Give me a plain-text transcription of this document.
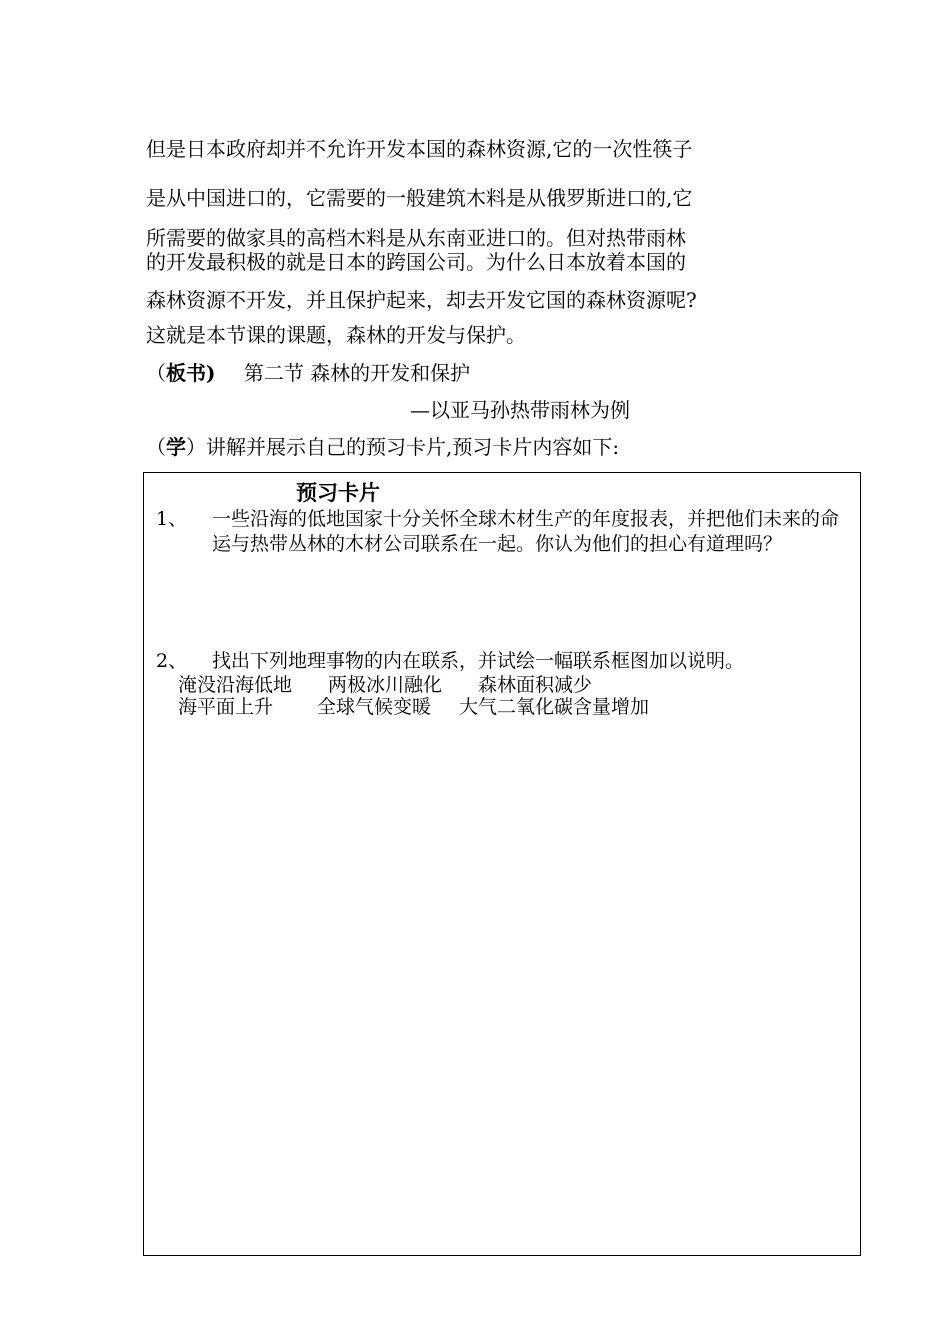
但是日本政府却并不允许开发本国的森林资源,它的一次性筷子
是从中国进口的，它需要的一般建筑木料是从俄罗斯进口的,它
所需要的做家具的高档木料是从东南亚进口的。但对热带雨林
的开发最积极的就是日本的跨国公司。为什么日本放着本国的
森林资源不开发，并且保护起来，却去开发它国的森林资源呢?
这就是本节课的课题，森林的开发与保护。
（板书) 第二节 森林的开发和保护
—以亚马孙热带雨林为例
（学）讲解并展示自己的预习卡片,预习卡片内容如下:
预习卡片
1、 一些沿海的低地国家十分关怀全球木材生产的年度报表，并把他们未来的命运与热带丛林的木材公司联系在一起。你认为他们的担心有道理吗？
2、 找出下列地理事物的内在联系，并试绘一幅联系框图加以说明。
淹没沿海低地 两极冰川融化 森林面积减少
海平面上升 全球气候变暖 大气二氧化碳含量增加
